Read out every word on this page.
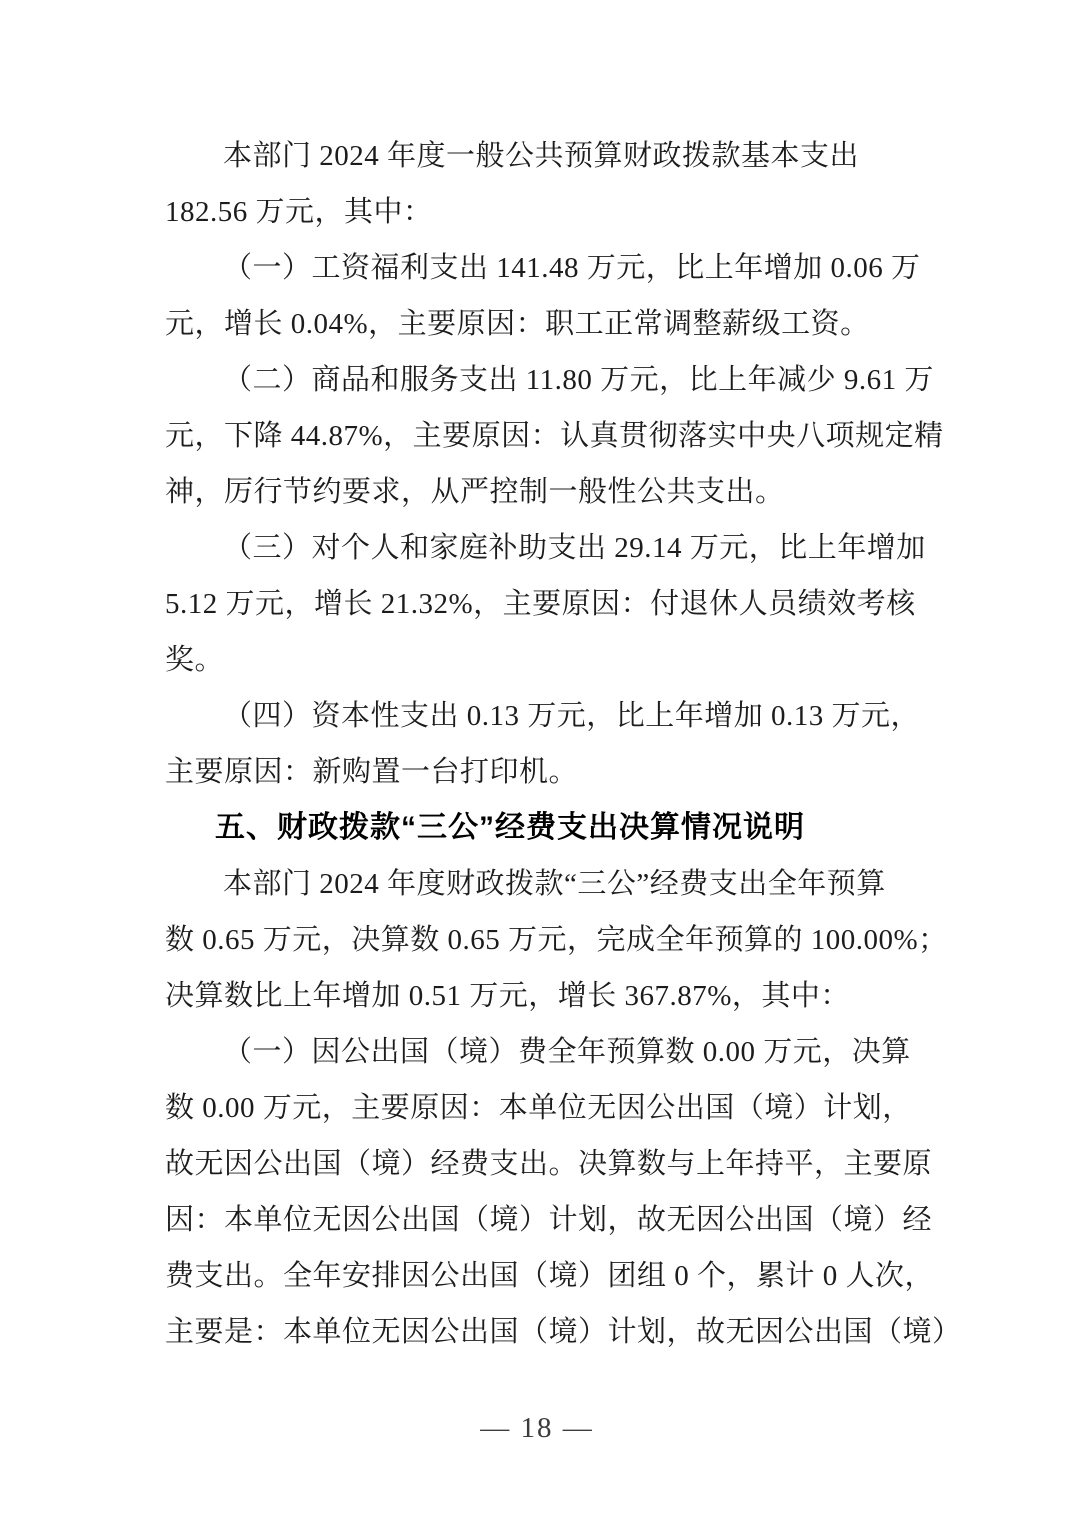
本部门 2024 年度一般公共预算财政拨款基本支出
182.56 万元，其中：
（一）工资福利支出 141.48 万元，比上年增加 0.06 万
元，增长 0.04%，主要原因：职工正常调整薪级工资。
（二）商品和服务支出 11.80 万元，比上年减少 9.61 万
元，下降 44.87%，主要原因：认真贯彻落实中央八项规定精
神，厉行节约要求，从严控制一般性公共支出。
（三）对个人和家庭补助支出 29.14 万元，比上年增加
5.12 万元，增长 21.32%，主要原因：付退休人员绩效考核
奖。
（四）资本性支出 0.13 万元，比上年增加 0.13 万元，
主要原因：新购置一台打印机。
五、财政拨款“三公”经费支出决算情况说明
本部门 2024 年度财政拨款“三公”经费支出全年预算
数 0.65 万元，决算数 0.65 万元，完成全年预算的 100.00%；
决算数比上年增加 0.51 万元，增长 367.87%，其中：
（一）因公出国（境）费全年预算数 0.00 万元，决算
数 0.00 万元，主要原因：本单位无因公出国（境）计划，
故无因公出国（境）经费支出。决算数与上年持平，主要原
因：本单位无因公出国（境）计划，故无因公出国（境）经
费支出。全年安排因公出国（境）团组 0 个，累计 0 人次，
主要是：本单位无因公出国（境）计划，故无因公出国（境）
— 18 —
